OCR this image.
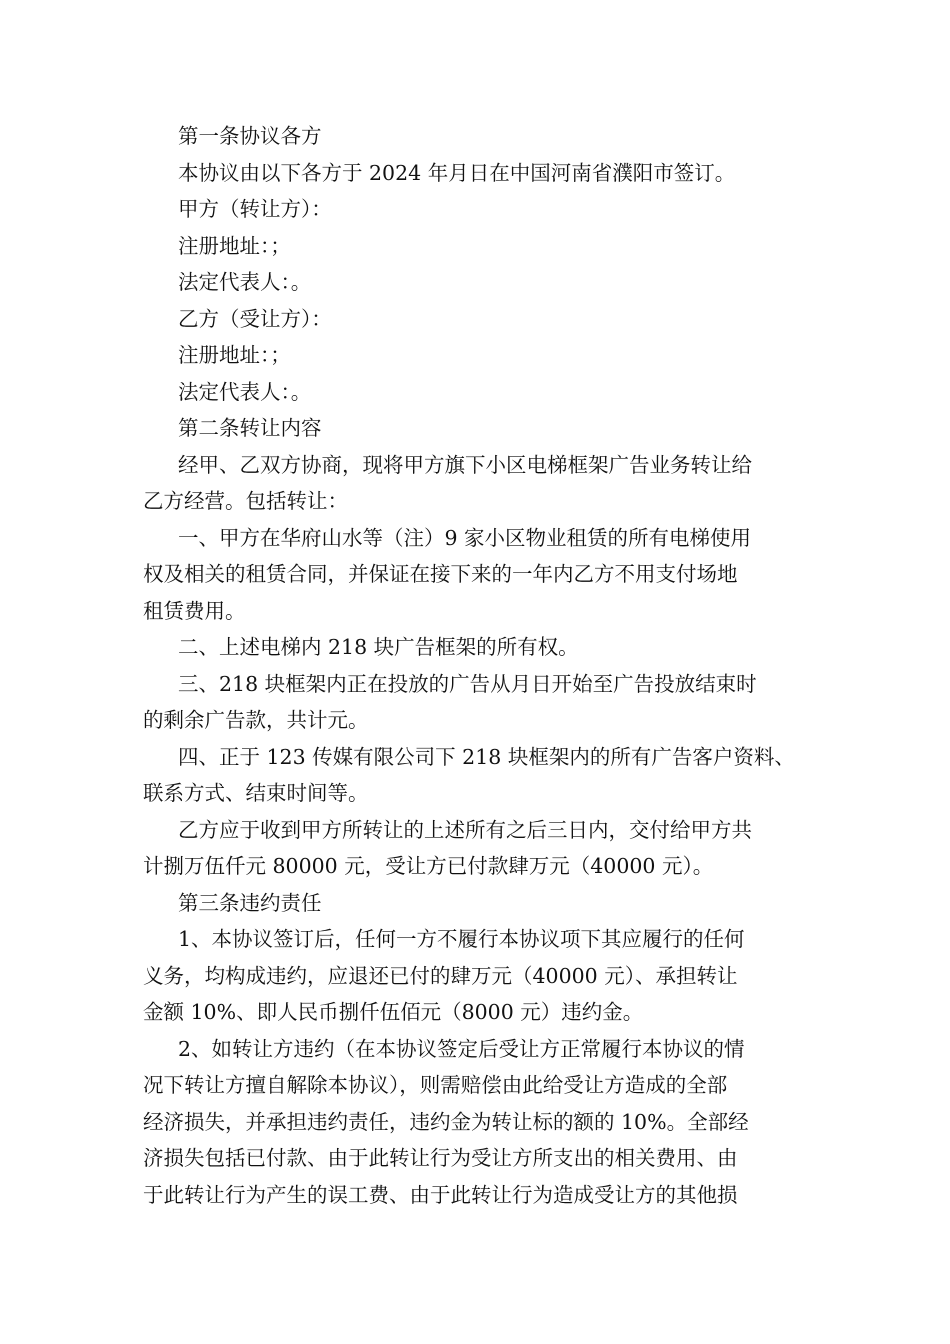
第一条协议各方
本协议由以下各方于 2024 年月日在中国河南省濮阳市签订。
甲方（转让方）：
注册地址：；
法定代表人：。
乙方（受让方）：
注册地址：；
法定代表人：。
第二条转让内容
经甲、乙双方协商，现将甲方旗下小区电梯框架广告业务转让给
乙方经营。包括转让：
一、甲方在华府山水等（注）9 家小区物业租赁的所有电梯使用
权及相关的租赁合同，并保证在接下来的一年内乙方不用支付场地
租赁费用。
二、上述电梯内 218 块广告框架的所有权。
三、218 块框架内正在投放的广告从月日开始至广告投放结束时
的剩余广告款，共计元。
四、正于 123 传媒有限公司下 218 块框架内的所有广告客户资料、
联系方式、结束时间等。
乙方应于收到甲方所转让的上述所有之后三日内，交付给甲方共
计捌万伍仟元 80000 元，受让方已付款肆万元（40000 元）。
第三条违约责任
1、本协议签订后，任何一方不履行本协议项下其应履行的任何
义务，均构成违约，应退还已付的肆万元（40000 元）、承担转让
金额 10%、即人民币捌仟伍佰元（8000 元）违约金。
2、如转让方违约（在本协议签定后受让方正常履行本协议的情
况下转让方擅自解除本协议），则需赔偿由此给受让方造成的全部
经济损失，并承担违约责任，违约金为转让标的额的 10%。全部经
济损失包括已付款、由于此转让行为受让方所支出的相关费用、由
于此转让行为产生的误工费、由于此转让行为造成受让方的其他损
